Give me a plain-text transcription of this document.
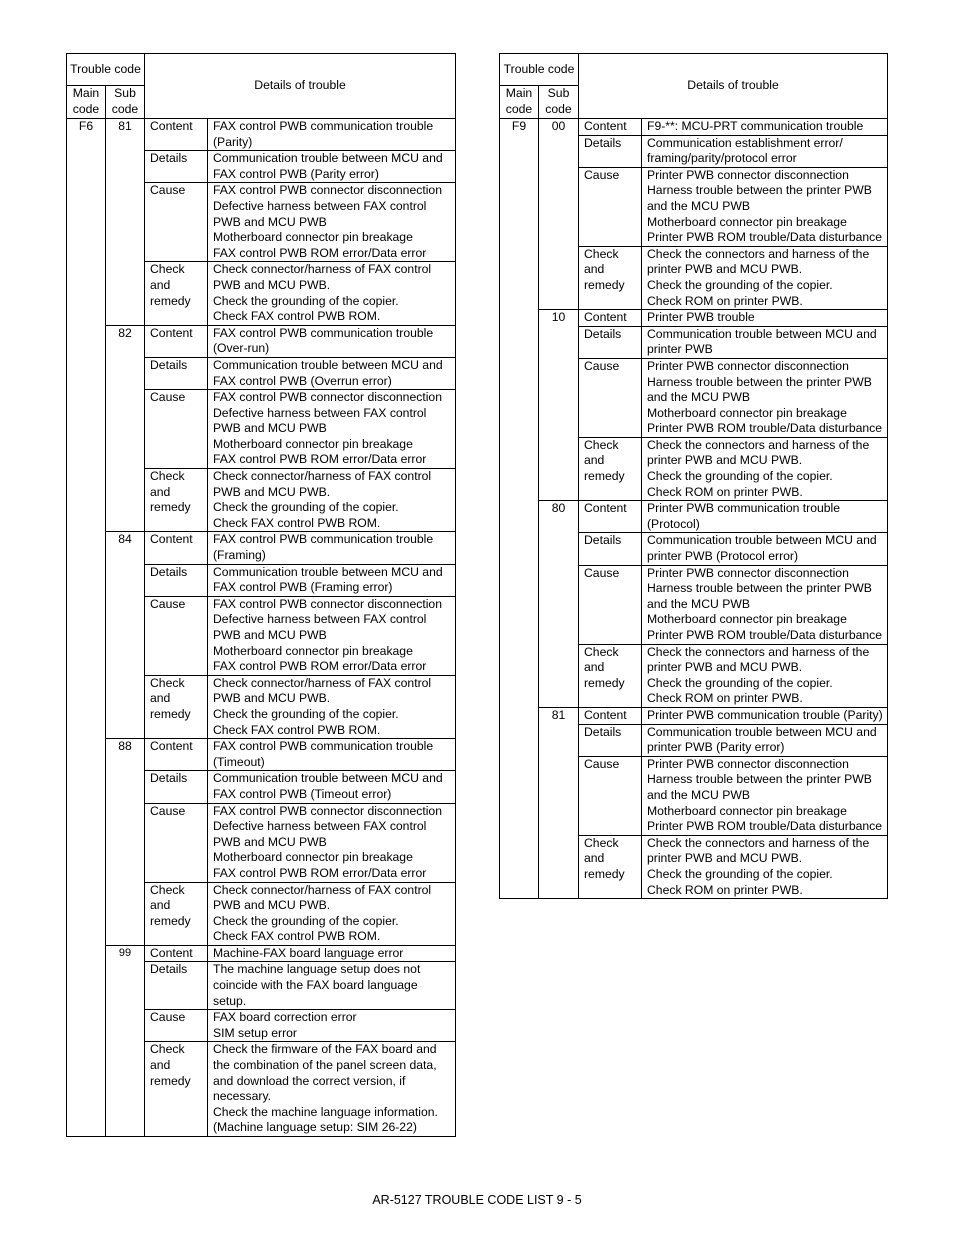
Trouble code		Details of trouble	
Main code	Sub code		
F6	81	Content	FAX control PWB communication trouble (Parity)

		Details	Communication trouble between MCU and FAX control PWB (Parity error)

		Cause	FAX control PWB connector disconnection
Defective harness between FAX control PWB and MCU PWB
Motherboard connector pin breakage
FAX control PWB ROM error/Data error

		Check and remedy	Check connector/harness of FAX control PWB and MCU PWB.
Check the grounding of the copier.
Check FAX control PWB ROM.

	82	Content	FAX control PWB communication trouble (Over-run)

		Details	Communication trouble between MCU and FAX control PWB (Overrun error)

		Cause	FAX control PWB connector disconnection
Defective harness between FAX control PWB and MCU PWB
Motherboard connector pin breakage
FAX control PWB ROM error/Data error

		Check and remedy	Check connector/harness of FAX control PWB and MCU PWB.
Check the grounding of the copier.
Check FAX control PWB ROM.

	84	Content	FAX control PWB communication trouble (Framing)

		Details	Communication trouble between MCU and FAX control PWB (Framing error)

		Cause	FAX control PWB connector disconnection
Defective harness between FAX control PWB and MCU PWB
Motherboard connector pin breakage
FAX control PWB ROM error/Data error

		Check and remedy	Check connector/harness of FAX control PWB and MCU PWB.
Check the grounding of the copier.
Check FAX control PWB ROM.

	88	Content	FAX control PWB communication trouble (Timeout)

		Details	Communication trouble between MCU and FAX control PWB (Timeout error)

		Cause	FAX control PWB connector disconnection
Defective harness between FAX control PWB and MCU PWB
Motherboard connector pin breakage
FAX control PWB ROM error/Data error

		Check and remedy	Check connector/harness of FAX control PWB and MCU PWB.
Check the grounding of the copier.
Check FAX control PWB ROM.

	99	Content	Machine-FAX board language error

		Details	The machine language setup does not coincide with the FAX board language setup.

		Cause	FAX board correction error
SIM setup error

		Check and remedy	Check the firmware of the FAX board and the combination of the panel screen data, and download the correct version, if necessary.
Check the machine language information. (Machine language setup: SIM 26-22)
Trouble code		Details of trouble	
Main code	Sub code		
F9	00	Content	F9-**: MCU-PRT communication trouble

		Details	Communication establishment error/ framing/parity/protocol error

		Cause	Printer PWB connector disconnection
Harness trouble between the printer PWB and the MCU PWB
Motherboard connector pin breakage
Printer PWB ROM trouble/Data disturbance

		Check and remedy	Check the connectors and harness of the printer PWB and MCU PWB.
Check the grounding of the copier.
Check ROM on printer PWB.

	10	Content	Printer PWB trouble

		Details	Communication trouble between MCU and printer PWB

		Cause	Printer PWB connector disconnection
Harness trouble between the printer PWB and the MCU PWB
Motherboard connector pin breakage
Printer PWB ROM trouble/Data disturbance

		Check and remedy	Check the connectors and harness of the printer PWB and MCU PWB.
Check the grounding of the copier.
Check ROM on printer PWB.

	80	Content	Printer PWB communication trouble (Protocol)

		Details	Communication trouble between MCU and printer PWB (Protocol error)

		Cause	Printer PWB connector disconnection
Harness trouble between the printer PWB and the MCU PWB
Motherboard connector pin breakage
Printer PWB ROM trouble/Data disturbance

		Check and remedy	Check the connectors and harness of the printer PWB and MCU PWB.
Check the grounding of the copier.
Check ROM on printer PWB.

	81	Content	Printer PWB communication trouble (Parity)

		Details	Communication trouble between MCU and printer PWB (Parity error)

		Cause	Printer PWB connector disconnection
Harness trouble between the printer PWB and the MCU PWB
Motherboard connector pin breakage
Printer PWB ROM trouble/Data disturbance

		Check and remedy	Check the connectors and harness of the printer PWB and MCU PWB.
Check the grounding of the copier.
Check ROM on printer PWB.
AR-5127 TROUBLE CODE LIST 9 - 5
